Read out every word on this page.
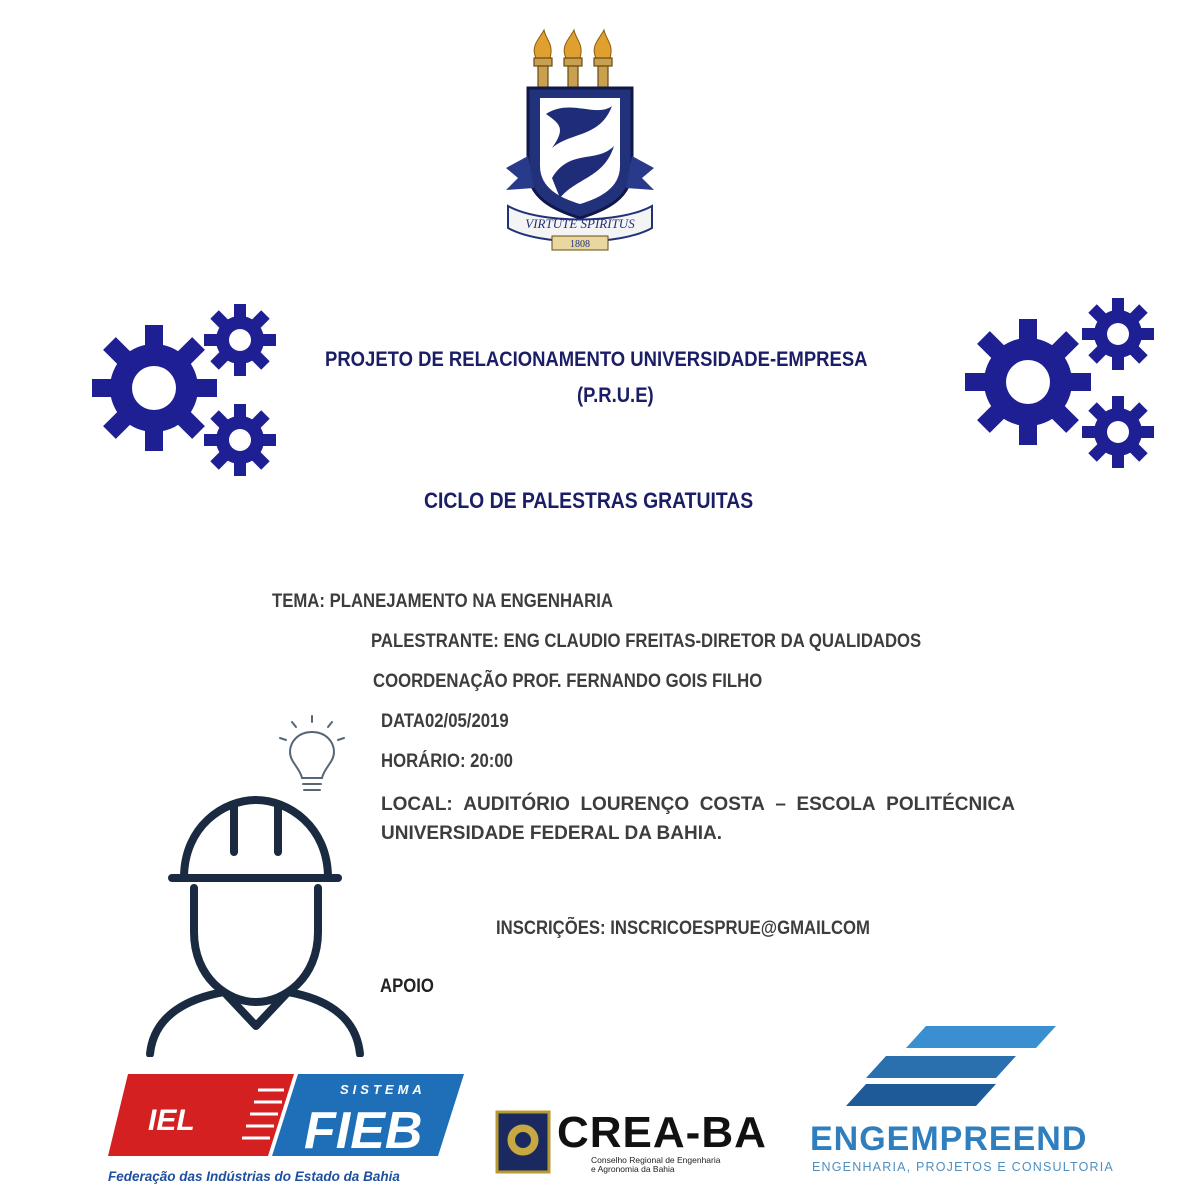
VIRTUTE SPIRITUS
1808
PROJETO DE RELACIONAMENTO UNIVERSIDADE-EMPRESA
(P.R.U.E)
CICLO DE PALESTRAS GRATUITAS
TEMA: PLANEJAMENTO NA ENGENHARIA
PALESTRANTE: ENG CLAUDIO FREITAS-DIRETOR DA QUALIDADOS
COORDENAÇÃO PROF. FERNANDO GOIS FILHO
DATA02/05/2019
HORÁRIO: 20:00
LOCAL: AUDITÓRIO LOURENÇO COSTA – ESCOLA POLITÉCNICA
UNIVERSIDADE FEDERAL DA BAHIA.
INSCRIÇÕES: INSCRICOESPRUE@GMAILCOM
APOIO
IEL
SISTEMA
FIEB
Federação das Indústrias do Estado da Bahia
CREA-BA
Conselho Regional de Engenharia
e Agronomia da Bahia
ENGEMPREEND
ENGENHARIA, PROJETOS E CONSULTORIA
